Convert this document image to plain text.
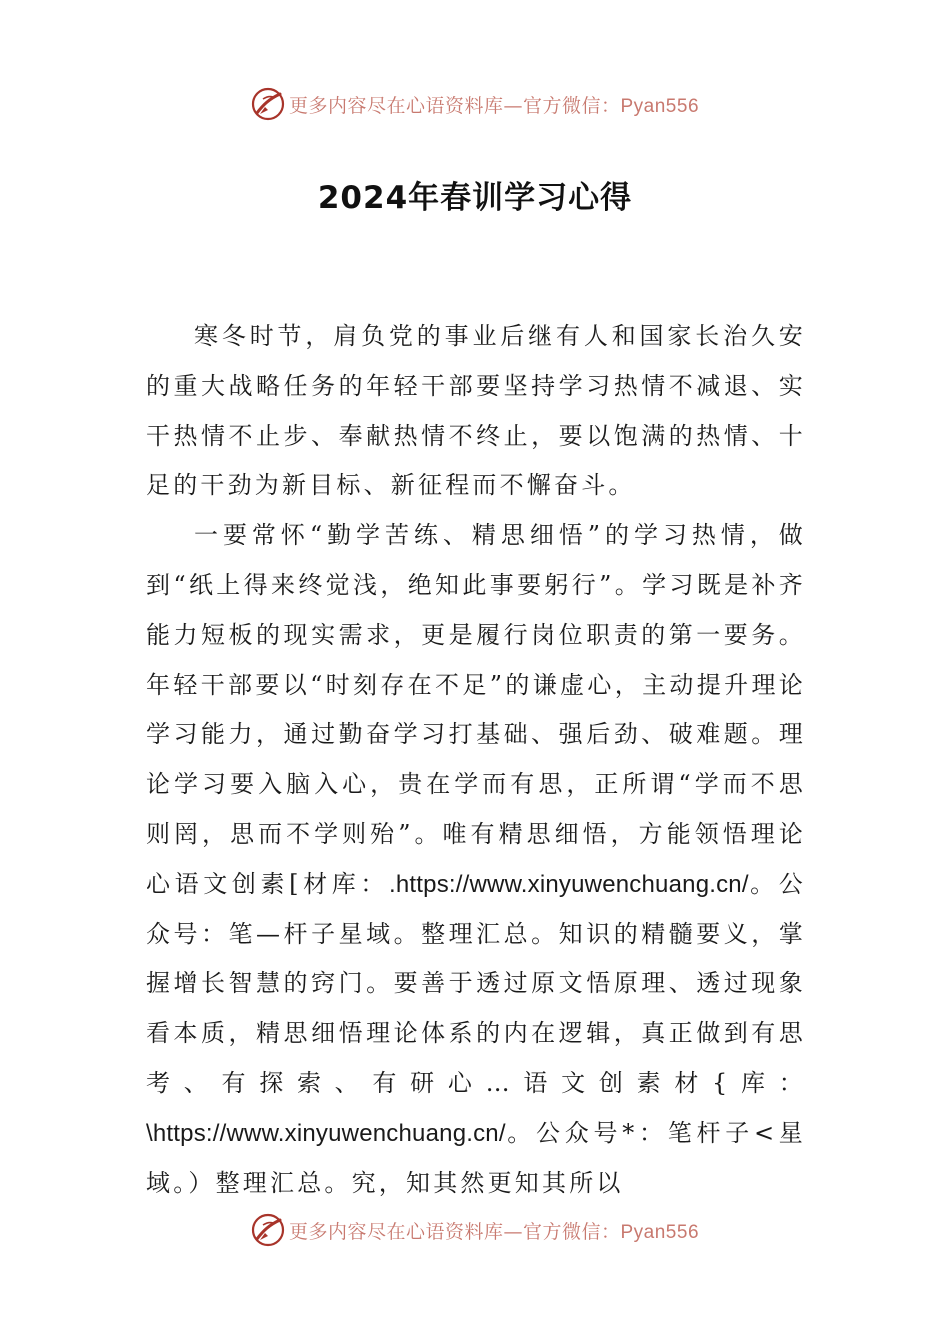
更多内容尽在心语资料库—官方微信：Pyan556
2024年春训学习心得

寒冬时节，肩负党的事业后继有人和国家长治久安的重大战略任务的年轻干部要坚持学习热情不减退、实干热情不止步、奉献热情不终止，要以饱满的热情、十足的干劲为新目标、新征程而不懈奋斗。

一要常怀“勤学苦练、精思细悟”的学习热情，做到“纸上得来终觉浅，绝知此事要躬行”。学习既是补齐能力短板的现实需求，更是履行岗位职责的第一要务。年轻干部要以“时刻存在不足”的谦虚心，主动提升理论学习能力，通过勤奋学习打基础、强后劲、破难题。理论学习要入脑入心，贵在学而有思，正所谓“学而不思则罔，思而不学则殆”。唯有精思细悟，方能领悟理论心语文创素[材库：.https://www.xinyuwenchuang.cn/。公众号：笔—杆子星域。整理汇总。知识的精髓要义，掌握增长智慧的窍门。要善于透过原文悟原理、透过现象看本质，精思细悟理论体系的内在逻辑，真正做到有思考、有探索、有研心…语文创素材{库：\https://www.xinyuwenchuang.cn/。公众号*：笔杆子<星域。）整理汇总。究，知其然更知其所以

更多内容尽在心语资料库—官方微信：Pyan556
